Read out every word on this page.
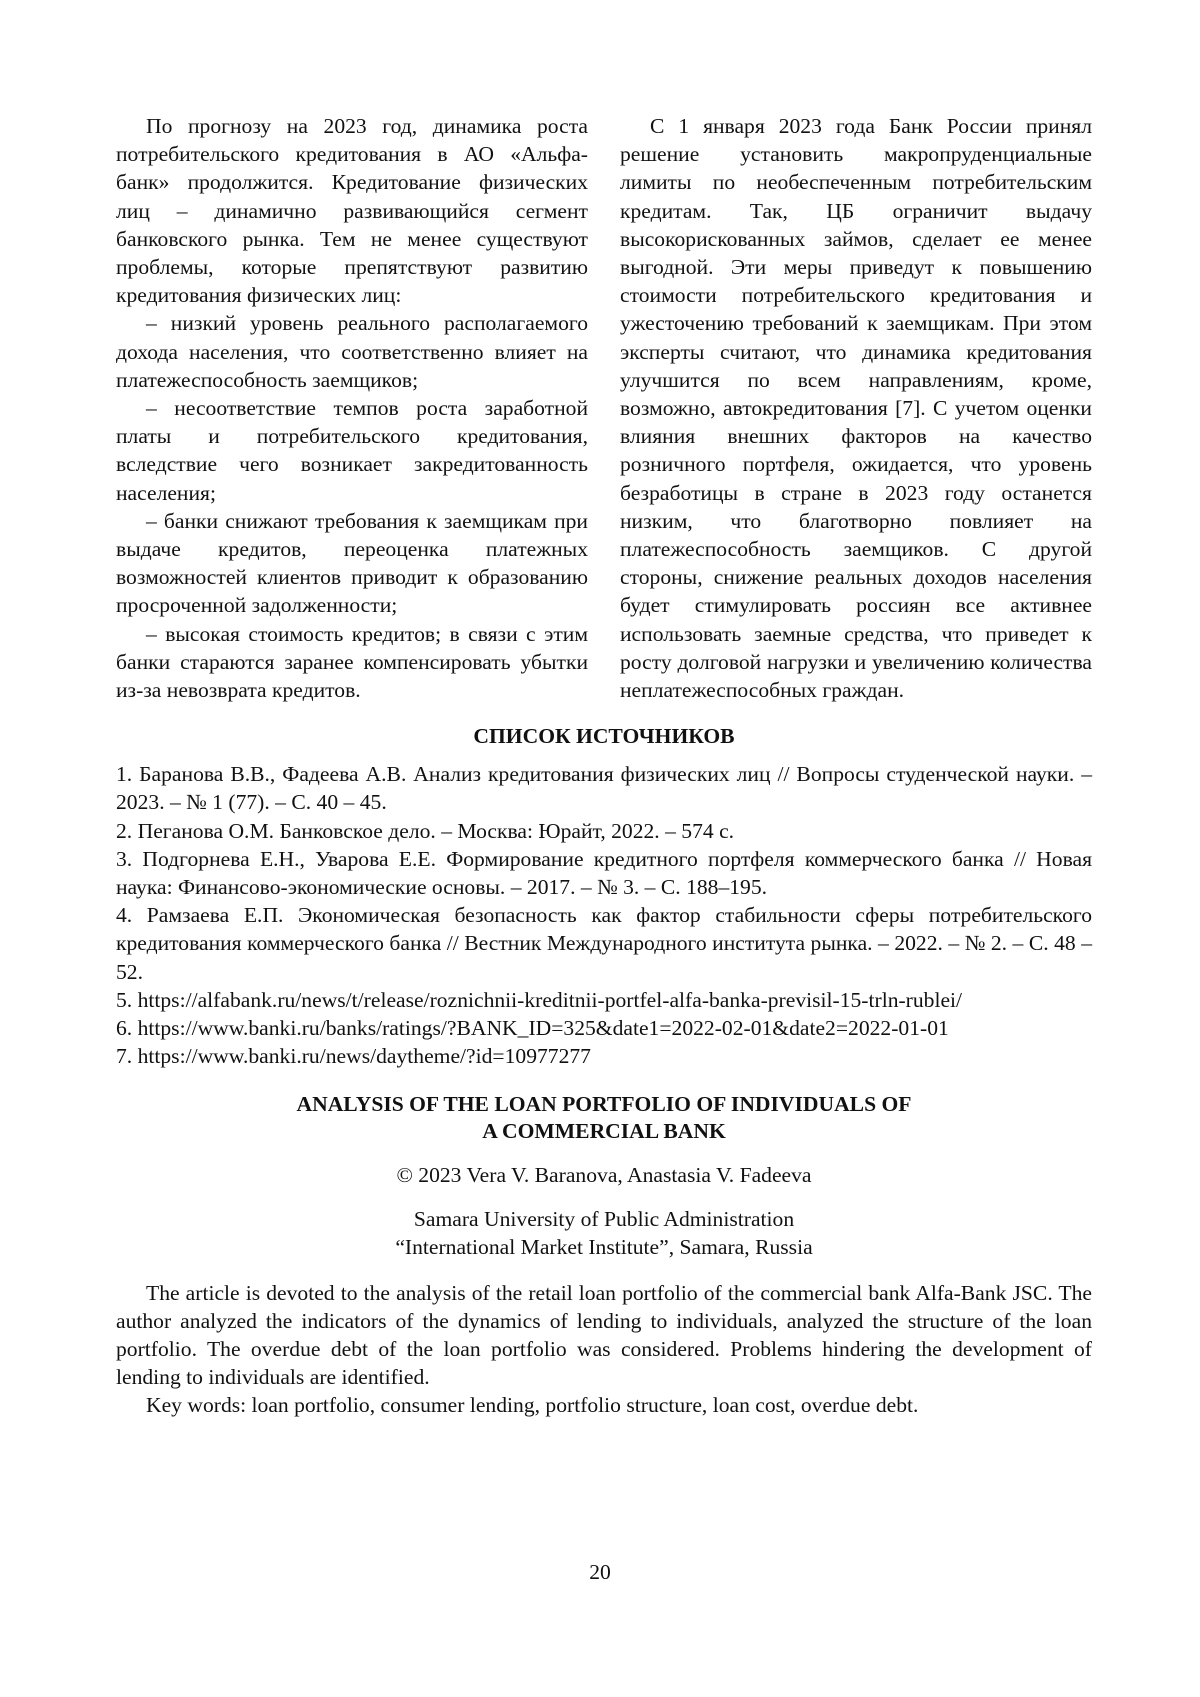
По прогнозу на 2023 год, динамика роста потребительского кредитования в АО «Альфа-банк» продолжится. Кредитование физических лиц – динамично развивающийся сегмент банковского рынка. Тем не менее существуют проблемы, которые препятствуют развитию кредитования физических лиц:

– низкий уровень реального располагаемого дохода населения, что соответственно влияет на платежеспособность заемщиков;

– несоответствие темпов роста заработной платы и потребительского кредитования, вследствие чего возникает закредитованность населения;

– банки снижают требования к заемщикам при выдаче кредитов, переоценка платежных возможностей клиентов приводит к образованию просроченной задолженности;

– высокая стоимость кредитов; в связи с этим банки стараются заранее компенсировать убытки из-за невозврата кредитов.

С 1 января 2023 года Банк России принял решение установить макропруденциальные лимиты по необеспеченным потребительским кредитам. Так, ЦБ ограничит выдачу высокорискованных займов, сделает ее менее выгодной. Эти меры приведут к повышению стоимости потребительского кредитования и ужесточению требований к заемщикам. При этом эксперты считают, что динамика кредитования улучшится по всем направлениям, кроме, возможно, автокредитования [7]. С учетом оценки влияния внешних факторов на качество розничного портфеля, ожидается, что уровень безработицы в стране в 2023 году останется низким, что благотворно повлияет на платежеспособность заемщиков. С другой стороны, снижение реальных доходов населения будет стимулировать россиян все активнее использовать заемные средства, что приведет к росту долговой нагрузки и увеличению количества неплатежеспособных граждан.

СПИСОК ИСТОЧНИКОВ

1. Баранова В.В., Фадеева А.В. Анализ кредитования физических лиц // Вопросы студенческой науки. – 2023. – № 1 (77). – С. 40 – 45.

2. Пеганова О.М. Банковское дело. – Москва: Юрайт, 2022. – 574 с.

3. Подгорнева Е.Н., Уварова Е.Е. Формирование кредитного портфеля коммерческого банка // Новая наука: Финансово-экономические основы. – 2017. – № 3. – С. 188–195.

4. Рамзаева Е.П. Экономическая безопасность как фактор стабильности сферы потребительского кредитования коммерческого банка // Вестник Международного института рынка. – 2022. – № 2. – С. 48 – 52.

5. https://alfabank.ru/news/t/release/roznichnii-kreditnii-portfel-alfa-banka-previsil-15-trln-rublei/

6. https://www.banki.ru/banks/ratings/?BANK_ID=325&date1=2022-02-01&date2=2022-01-01

7. https://www.banki.ru/news/daytheme/?id=10977277

ANALYSIS OF THE LOAN PORTFOLIO OF INDIVIDUALS OF
A COMMERCIAL BANK
© 2023 Vera V. Baranova, Anastasia V. Fadeeva
Samara University of Public Administration
“International Market Institute”, Samara, Russia

The article is devoted to the analysis of the retail loan portfolio of the commercial bank Alfa-Bank JSC. The author analyzed the indicators of the dynamics of lending to individuals, analyzed the structure of the loan portfolio. The overdue debt of the loan portfolio was considered. Problems hindering the development of lending to individuals are identified.

Key words: loan portfolio, consumer lending, portfolio structure, loan cost, overdue debt.

20
